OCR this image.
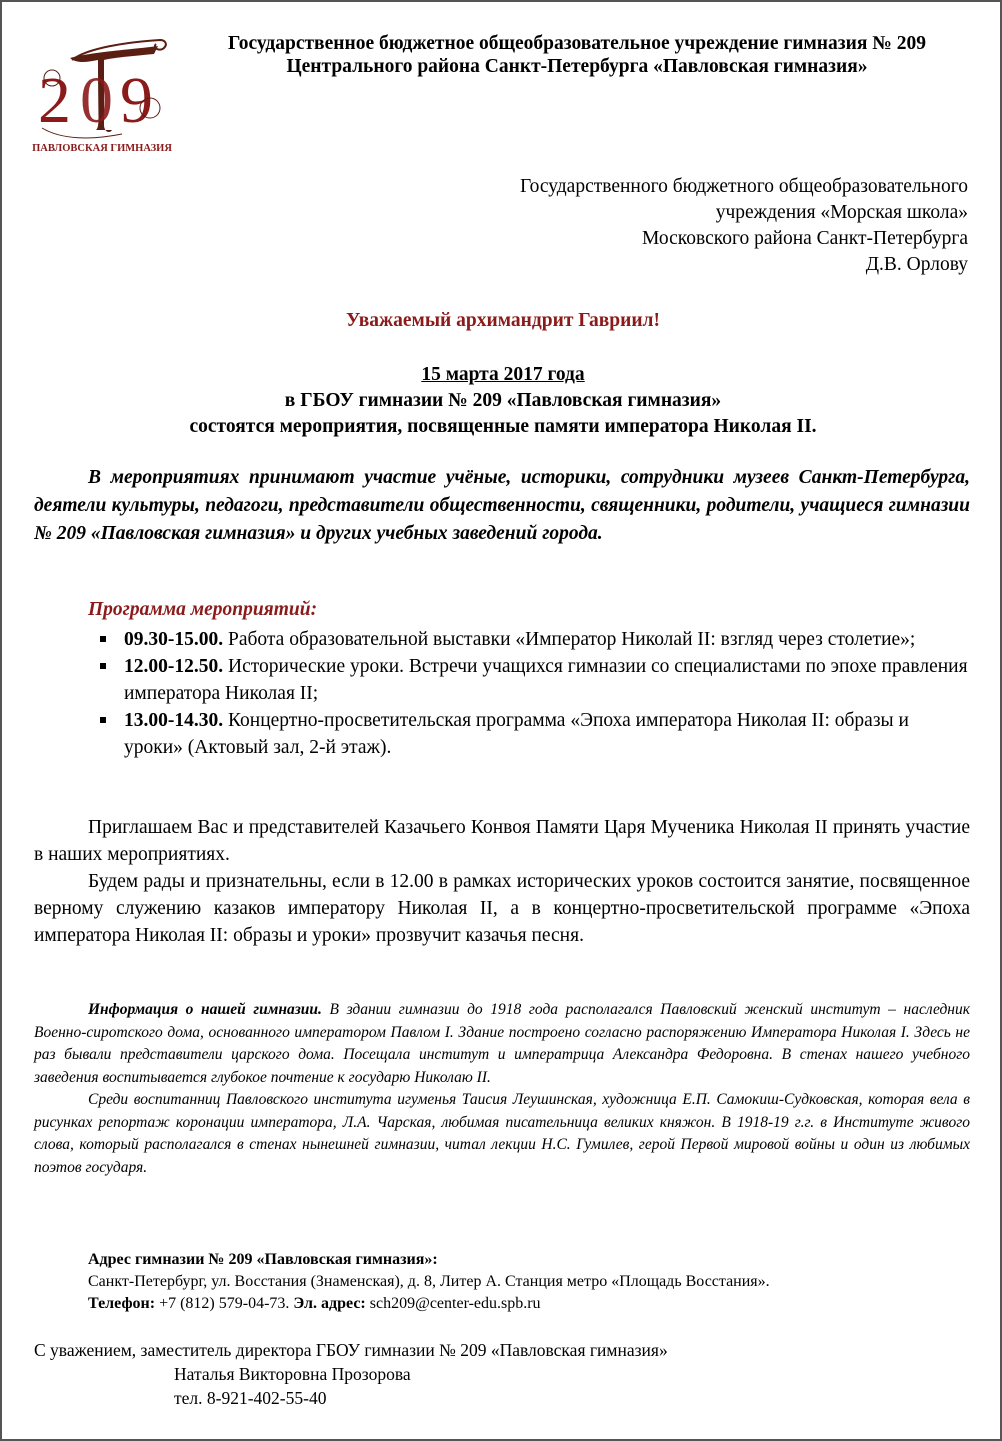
2 0 9
ПАВЛОВСКАЯ ГИМНАЗИЯ
Государственное бюджетное общеобразовательное учреждение гимназия № 209
Центрального района Санкт-Петербурга «Павловская гимназия»
Государственного бюджетного общеобразовательного
учреждения «Морская школа»
Московского района Санкт-Петербурга
Д.В. Орлову
Уважаемый архимандрит Гавриил!
15 марта 2017 года
в ГБОУ гимназии № 209 «Павловская гимназия»
состоятся мероприятия, посвященные памяти императора Николая II.
В мероприятиях принимают участие учёные, историки, сотрудники музеев Санкт-Петербурга, деятели культуры, педагоги, представители общественности, священники, родители, учащиеся гимназии № 209 «Павловская гимназия» и других учебных заведений города.
Программа мероприятий:
09.30-15.00. Работа образовательной выставки «Император Николай II: взгляд через столетие»;
12.00-12.50. Исторические уроки. Встречи учащихся гимназии со специалистами по эпохе правления императора Николая II;
13.00-14.30. Концертно-просветительская программа «Эпоха императора Николая II: образы и уроки» (Актовый зал, 2-й этаж).

Приглашаем Вас и представителей Казачьего Конвоя Памяти Царя Мученика Николая II принять участие в наших мероприятиях.

Будем рады и признательны, если в 12.00 в рамках исторических уроков состоится занятие, посвященное верному служению казаков императору Николая II, а в концертно-просветительской программе «Эпоха императора Николая II: образы и уроки» прозвучит казачья песня.

Информация о нашей гимназии. В здании гимназии до 1918 года располагался Павловский женский институт – наследник Военно-сиротского дома, основанного императором Павлом I. Здание построено согласно распоряжению Императора Николая I. Здесь не раз бывали представители царского дома. Посещала институт и императрица Александра Федоровна. В стенах нашего учебного заведения воспитывается глубокое почтение к государю Николаю II.

Среди воспитанниц Павловского института игуменья Таисия Леушинская, художница Е.П. Самокиш-Судковская, которая вела в рисунках репортаж коронации императора, Л.А. Чарская, любимая писательница великих княжон. В 1918-19 г.г. в Институте живого слова, который располагался в стенах нынешней гимназии, читал лекции Н.С. Гумилев, герой Первой мировой войны и один из любимых поэтов государя.

Адрес гимназии № 209 «Павловская гимназия»:
Санкт-Петербург, ул. Восстания (Знаменская), д. 8, Литер А. Станция метро «Площадь Восстания».
Телефон: +7 (812) 579-04-73. Эл. адрес: sch209@center-edu.spb.ru
С уважением, заместитель директора ГБОУ гимназии № 209 «Павловская гимназия»
Наталья Викторовна Прозорова
тел. 8-921-402-55-40
